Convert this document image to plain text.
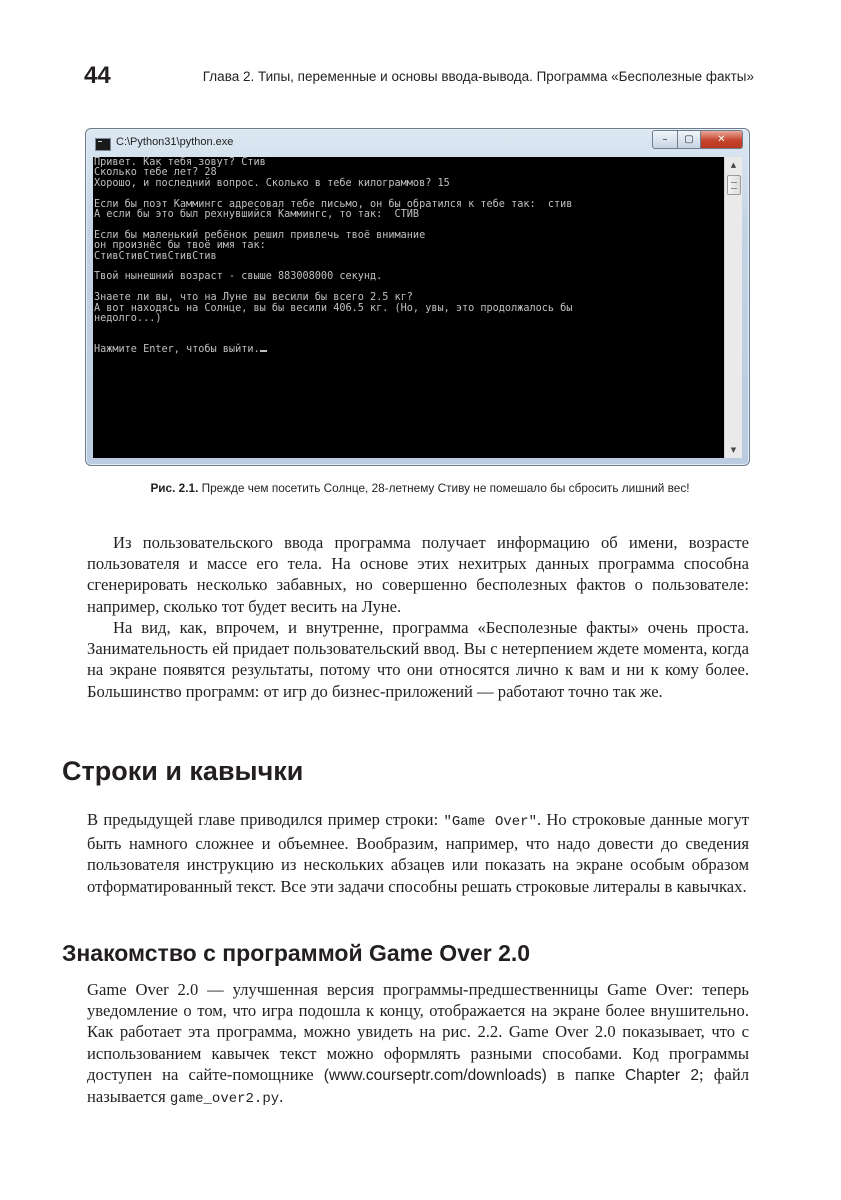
44	Глава 2. Типы, переменные и основы ввода-вывода. Программа «Бесполезные факты»
C:\Python31\python.exe	–	▢	✕
Привет. Как тебя зовут? Стив
Сколько тебе лет? 28
Хорошо, и последний вопрос. Сколько в тебе килограммов? 15

Если бы поэт Каммингс адресовал тебе письмо, он бы обратился к тебе так:  стив
А если бы это был рехнувшийся Каммингс, то так:  СТИВ

Если бы маленький ребёнок решил привлечь твоё внимание
он произнёс бы твоё имя так:
СтивСтивСтивСтивСтив

Твой нынешний возраст - свыше 883008000 секунд.

Знаете ли вы, что на Луне вы весили бы всего 2.5 кг?
А вот находясь на Солнце, вы бы весили 406.5 кг. (Но, увы, это продолжалось бы
недолго...)

Нажмите Enter, чтобы выйти.
▲
▼
Рис. 2.1. Прежде чем посетить Солнце, 28-летнему Стиву не помешало бы сбросить лишний вес!
Из пользовательского ввода программа получает информацию об имени, возрасте пользователя и массе его тела. На основе этих нехитрых данных программа способна сгенерировать несколько забавных, но совершенно бесполезных фактов о пользователе: например, сколько тот будет весить на Луне.
На вид, как, впрочем, и внутренне, программа «Бесполезные факты» очень проста. Занимательность ей придает пользовательский ввод. Вы с нетерпением ждете момента, когда на экране появятся результаты, потому что они относятся лично к вам и ни к кому более. Большинство программ: от игр до бизнес-приложений — работают точно так же.
Строки и кавычки
В предыдущей главе приводился пример строки: "Game Over". Но строковые данные могут быть намного сложнее и объемнее. Вообразим, например, что надо довести до сведения пользователя инструкцию из нескольких абзацев или показать на экране особым образом отформатированный текст. Все эти задачи способны решать строковые литералы в кавычках.
Знакомство с программой Game Over 2.0
Game Over 2.0 — улучшенная версия программы-предшественницы Game Over: теперь уведомление о том, что игра подошла к концу, отображается на экране более внушительно. Как работает эта программа, можно увидеть на рис. 2.2. Game Over 2.0 показывает, что с использованием кавычек текст можно оформлять разными способами. Код программы доступен на сайте-помощнике (www.courseptr.com/downloads) в папке Chapter 2; файл называется game_over2.py.
